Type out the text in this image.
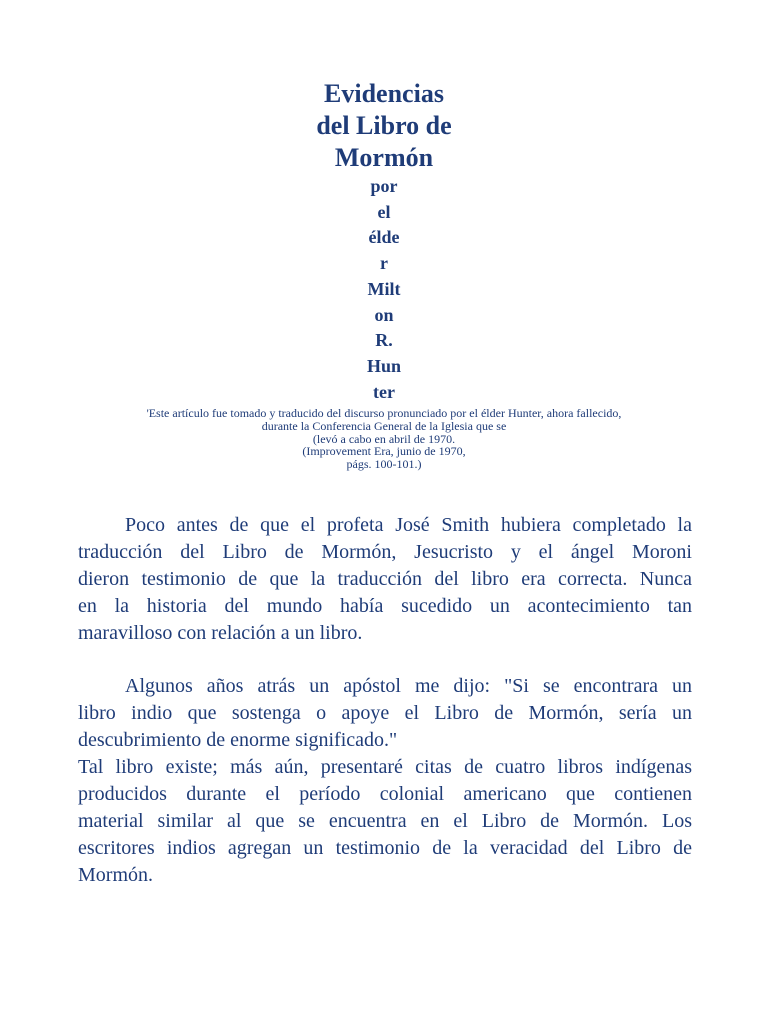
Evidencias
del Libro de
Mormón
por
el
élde
r
Milt
on
R.
Hun
ter
'Este artículo fue tomado y traducido del discurso pronunciado por el élder Hunter, ahora fallecido,
durante la Conferencia General de la Iglesia que se
(levó a cabo en abril de 1970.
(Improvement Era, junio de 1970,
págs. 100-101.)

Poco antes de que el profeta José Smith hubiera completado la
traducción del Libro de Mormón, Jesucristo y el ángel Moroni
dieron testimonio de que la traducción del libro era correcta. Nunca
en la historia del mundo había sucedido un acontecimiento tan
maravilloso con relación a un libro.

Algunos años atrás un apóstol me dijo: "Si se encontrara un
libro indio que sostenga o apoye el Libro de Mormón, sería un
descubrimiento de enorme significado."

Tal libro existe; más aún, presentaré citas de cuatro libros indígenas
producidos durante el período colonial americano que contienen
material similar al que se encuentra en el Libro de Mormón. Los
escritores indios agregan un testimonio de la veracidad del Libro de
Mormón.
